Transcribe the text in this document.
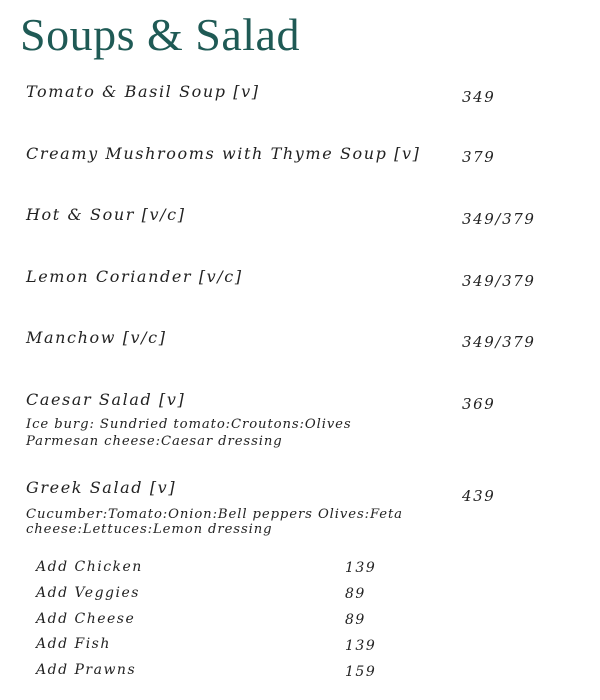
Soups & Salad
Tomato & Basil Soup [v]	349
Creamy Mushrooms with Thyme Soup [v]	379
Hot & Sour [v/c]	349/379
Lemon Coriander [v/c]	349/379
Manchow [v/c]	349/379
Caesar Salad [v]	369
Ice burg: Sundried tomato:Croutons:Olives
Parmesan cheese:Caesar dressing
Greek Salad [v]	439
Cucumber:Tomato:Onion:Bell peppers Olives:Feta
cheese:Lettuces:Lemon dressing
Add Chicken	139
Add Veggies	89
Add Cheese	89
Add Fish	139
Add Prawns	159
